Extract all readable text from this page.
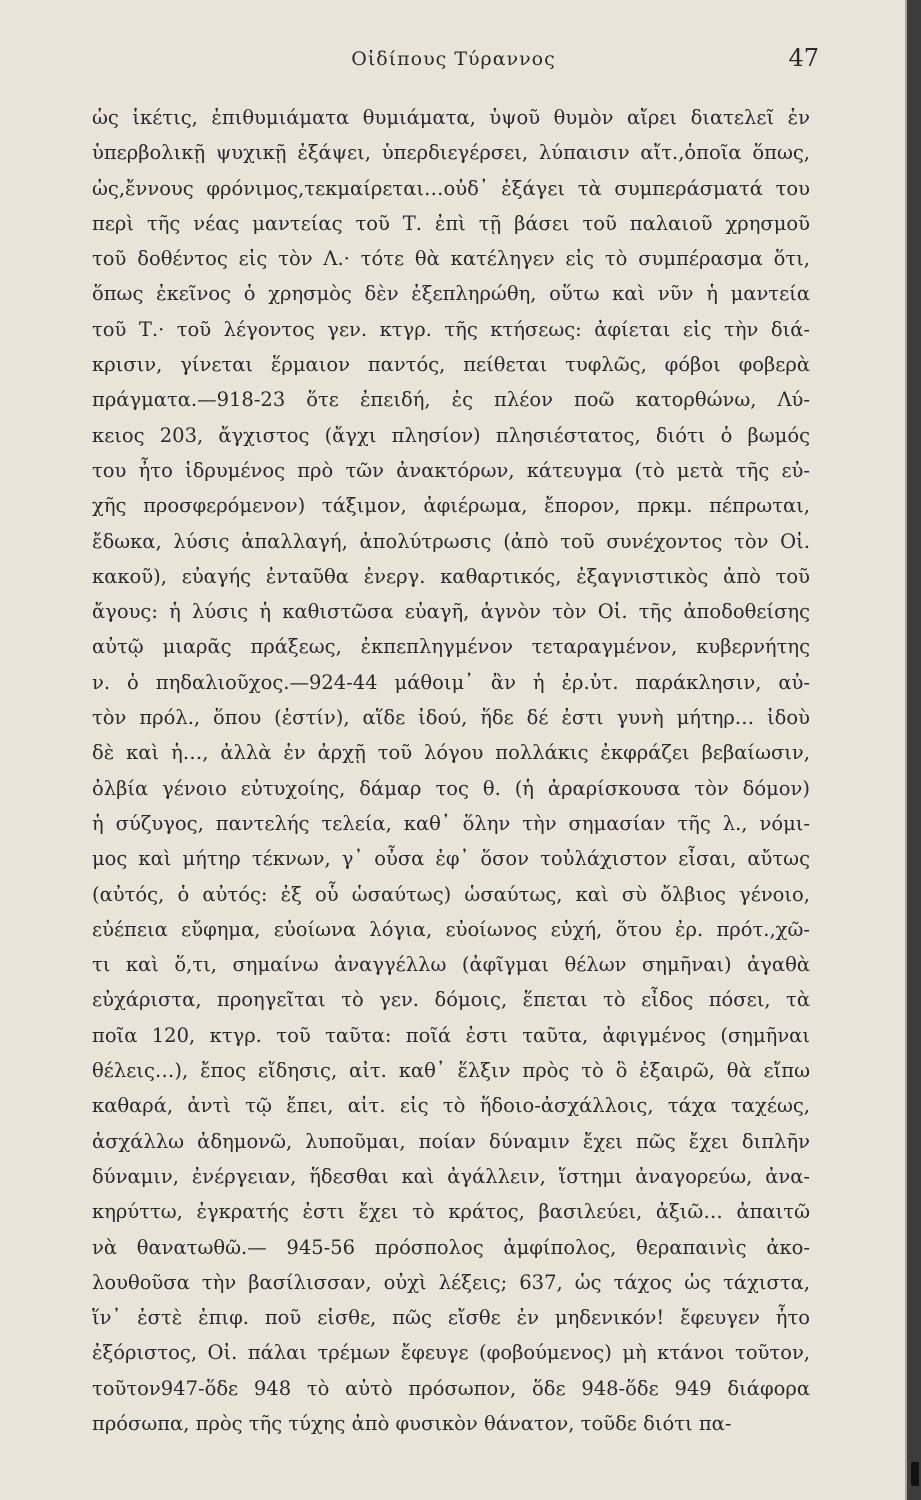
Οἰδίπους Τύραννος	47
ὡς ἱκέτις, ἐπιθυμιάματα θυμιάματα, ὑψοῦ θυμὸν αἴρει διατελεῖ ἐν
ὑπερβολικῇ ψυχικῇ ἐξάψει, ὑπερδιεγέρσει, λύπαισιν αἴτ.,ὁποῖα ὅπως,
ὡς,ἔννους φρόνιμος,τεκμαίρεται…οὐδ᾽ ἐξάγει τὰ συμπεράσματά του
περὶ τῆς νέας μαντείας τοῦ Τ. ἐπὶ τῇ βάσει τοῦ παλαιοῦ χρησμοῦ
τοῦ δοθέντος εἰς τὸν Λ.· τότε θὰ κατέληγεν εἰς τὸ συμπέρασμα ὅτι,
ὅπως ἐκεῖνος ὁ χρησμὸς δὲν ἐξεπληρώθη, οὕτω καὶ νῦν ἡ μαντεία
τοῦ Τ.· τοῦ λέγοντος γεν. κτγρ. τῆς κτήσεως: ἀφίεται εἰς τὴν διά-
κρισιν, γίνεται ἕρμαιον παντός, πείθεται τυφλῶς, φόβοι φοβερὰ
πράγματα.—918-23 ὅτε ἐπειδή, ἐς πλέον ποῶ κατορθώνω, Λύ-
κειος 203, ἄγχιστος (ἄγχι πλησίον) πλησιέστατος, διότι ὁ βωμός
του ἦτο ἱδρυμένος πρὸ τῶν ἀνακτόρων, κάτευγμα (τὸ μετὰ τῆς εὐ-
χῆς προσφερόμενον) τάξιμον, ἀφιέρωμα, ἔπορον, πρκμ. πέπρωται,
ἔδωκα, λύσις ἀπαλλαγή, ἀπολύτρωσις (ἀπὸ τοῦ συνέχοντος τὸν Οἰ.
κακοῦ), εὐαγής ἐνταῦθα ἐνεργ. καθαρτικός, ἐξαγνιστικὸς ἀπὸ τοῦ
ἄγους: ἡ λύσις ἡ καθιστῶσα εὐαγῆ, ἁγνὸν τὸν Οἰ. τῆς ἀποδοθείσης
αὐτῷ μιαρᾶς πράξεως, ἐκπεπληγμένον τεταραγμένον, κυβερνήτης
ν. ὁ πηδαλιοῦχος.—924-44 μάθοιμ᾽ ἂν ἡ ἐρ.ὑτ. παράκλησιν, αὐ-
τὸν πρόλ., ὅπου (ἐστίν), αἵδε ἰδού, ἥδε δέ ἐστι γυνὴ μήτηρ.‥ ἰδοὺ
δὲ καὶ ἡ…, ἀλλὰ ἐν ἀρχῇ τοῦ λόγου πολλάκις ἐκφράζει βεβαίωσιν,
ὀλβία γένοιο εὐτυχοίης, δάμαρ τος θ. (ἡ ἀραρίσκουσα τὸν δόμον)
ἡ σύζυγος, παντελής τελεία, καθ᾽ ὅλην τὴν σημασίαν τῆς λ., νόμι-
μος καὶ μήτηρ τέκνων, γ᾽ οὖσα ἐφ᾽ ὅσον τοὐλάχιστον εἶσαι, αὔτως
(αὐτός, ὁ αὐτός: ἐξ οὗ ὡσαύτως) ὡσαύτως, καὶ σὺ ὄλβιος γένοιο,
εὐέπεια εὔφημα, εὐοίωνα λόγια, εὐοίωνος εὐχή, ὅτου ἐρ. πρότ.,χῶ-
τι καὶ ὅ,τι, σημαίνω ἀναγγέλλω (ἀφῖγμαι θέλων σημῆναι) ἀγαθὰ
εὐχάριστα, προηγεῖται τὸ γεν. δόμοις, ἕπεται τὸ εἶδος πόσει, τὰ
ποῖα 120, κτγρ. τοῦ ταῦτα: ποῖά ἐστι ταῦτα, ἀφιγμένος (σημῆναι
θέλεις…), ἔπος εἴδησις, αἰτ. καθ᾽ ἕλξιν πρὸς τὸ ὃ ἐξαιρῶ, θὰ εἴπω
καθαρά, ἀντὶ τῷ ἔπει, αἰτ. εἰς τὸ ἥδοιο-ἀσχάλλοις, τάχα ταχέως,
ἀσχάλλω ἀδημονῶ, λυποῦμαι, ποίαν δύναμιν ἔχει πῶς ἔχει διπλῆν
δύναμιν, ἐνέργειαν, ἥδεσθαι καὶ ἀγάλλειν, ἵστημι ἀναγορεύω, ἀνα-
κηρύττω, ἐγκρατής ἐστι ἔχει τὸ κράτος, βασιλεύει, ἀξιῶ… ἀπαιτῶ
νὰ θανατωθῶ.— 945-56 πρόσπολος ἀμφίπολος, θεραπαινὶς ἀκο-
λουθοῦσα τὴν βασίλισσαν, οὐχὶ λέξεις; 637, ὡς τάχος ὡς τάχιστα,
ἵν᾽ ἐστὲ ἐπιφ. ποῦ εἰσθε, πῶς εἴσθε ἐν μηδενικόν! ἔφευγεν ἦτο
ἐξόριστος, Οἰ. πάλαι τρέμων ἔφευγε (φοβούμενος) μὴ κτάνοι τοῦτον,
τοῦτον947-ὅδε 948 τὸ αὐτὸ πρόσωπον, ὅδε 948-ὅδε 949 διάφορα
πρόσωπα, πρὸς τῆς τύχης ἀπὸ φυσικὸν θάνατον, τοῦδε διότι πα-
